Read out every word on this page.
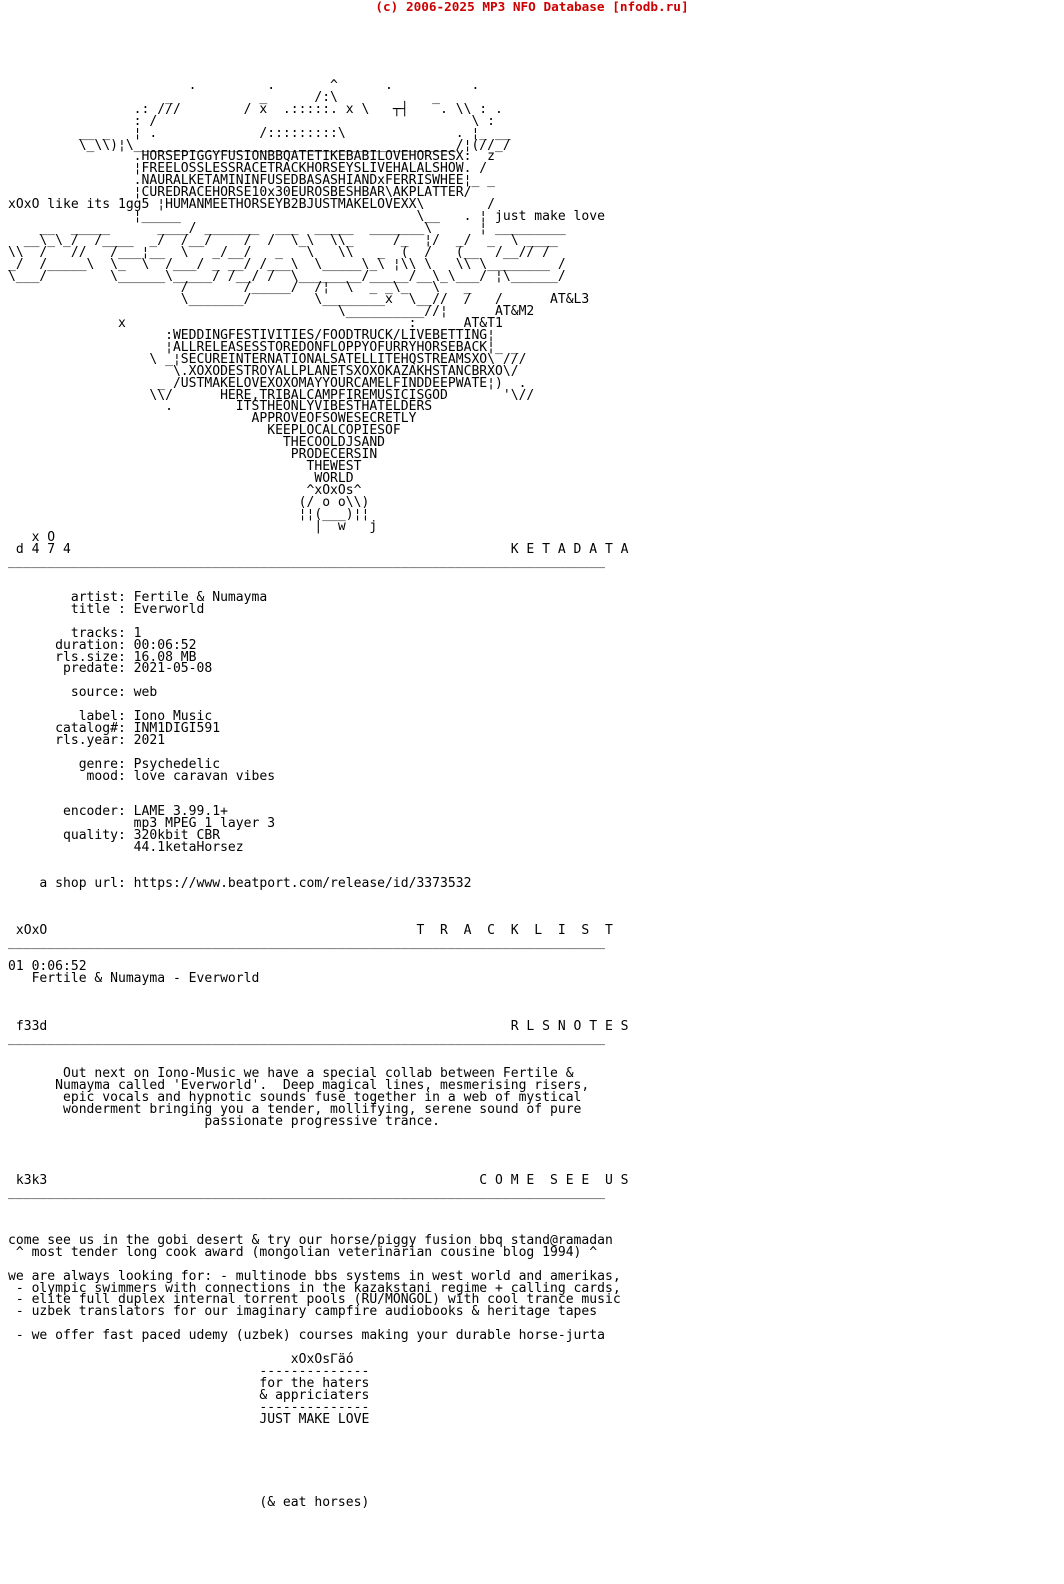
(c) 2006-2025 MP3 NFO Database [nfodb.ru]
.         .       ^      .          .
_           _      /:\            _
.: ///        / x  .:::::. x \   ┬┤    . \\ : .
: /                                        \ :
__ _   ¦ .             /:::::::::\              . ¦_ __
\_\\)¦\_________________________________________/¦(//_/
.HORSEPIGGYFUSIONBBQATETIKEBABILOVEHORSESX:  z
¦FREELOSSLESSRACETRACKHORSEYSLIVEHALALSHOW. /
.NAURALKETAMININFUSEDBASASHIANDxFERRISWHEE¦_ _
¦CUREDRACEHORSE10x30EUROSBESHBAR\AKPLATTER/
xOxO like its 1gg5 ¦HUMANMEETHORSEYB2BJUSTMAKELOVEXX\        /
¦_____                              \__   . ¦ just make love
__  _____      ____/ _______  ___  _____  _______\      ¦ _________
__\_\_/  /____  _/  /__/    /  /  \_\  \\_     /_  ¦/  _/  _  \ ____
\\  /   //   /___¦__  \   _/__/   _   \   \\   _  (  /   (__  /__// /
_/  /_____\  \_  \  /___/ _ __/ /___\  \_____\_\ ¦\\ \   \\ \________ /
\___/        \______\_____/ /__/ /  \________/_____/__\_\___/ ¦\______/
/       /_____/  /¦  \  _ _\_   \   _
\_______/        \________x  \__//  /   /      AT&L3
\__________//¦      AT&M2
x                                    :      AT&T1
:WEDDINGFESTIVITIES/FOODTRUCK/LIVEBETTING¦
¦ALLRELEASESSTOREDONFLOPPYOFURRYHORSEBACK¦_ _
\ _¦SECUREINTERNATIONALSATELLITEHQSTREAMSXO\ ///
\.XOXODESTROYALLPLANETSXOXOKAZAKHSTANCBRXO\/
_ /USTMAKELOVEXOXOMAYYOURCAMELFINDDEEPWATE¦)  .
\\/      HERE,TRIBALCAMPFIREMUSICISGOD       '\//
.        ITSTHEONLYVIBESTHATELDERS
APPROVEOFSOWESECRETLY
KEEPLOCALCOPIESOF
THECOOLDJSAND
PRODECERSIN
THEWEST
WORLD
^xOxOs^
(/ o o\\)
¦¦(___)¦¦
|  w   j
x O
d 4 7 4                                                        K E T A D A T A
____________________________________________________________________________

artist: Fertile & Numayma
title : Everworld

tracks: 1
duration: 00:06:52
rls.size: 16.08 MB
predate: 2021-05-08

source: web

label: Iono Music
catalog#: INM1DIGI591
rls.year: 2021

genre: Psychedelic
mood: love caravan vibes

encoder: LAME 3.99.1+
mp3 MPEG 1 layer 3
quality: 320kbit CBR
44.1ketaHorsez

a shop url: https://www.beatport.com/release/id/3373532

xOxO                                               T  R  A  C  K  L  I  S  T
____________________________________________________________________________

01 0:06:52
Fertile & Numayma - Everworld

f33d                                                           R L S N O T E S
____________________________________________________________________________

Out next on Iono-Music we have a special collab between Fertile &
Numayma called 'Everworld'.  Deep magical lines, mesmerising risers,
epic vocals and hypnotic sounds fuse together in a web of mystical
wonderment bringing you a tender, mollifying, serene sound of pure
passionate progressive trance.

k3k3                                                       C O M E  S E E  U S
____________________________________________________________________________

come see us in the gobi desert & try our horse/piggy fusion bbq stand@ramadan
^ most tender long cook award (mongolian veterinarian cousine blog 1994) ^

we are always looking for: - multinode bbs systems in west world and amerikas,
- olympic swimmers with connections in the kazakstani regime + calling cards,
- elite full duplex internal torrent pools (RU/MONGOL) with cool trance music
- uzbek translators for our imaginary campfire audiobooks & heritage tapes

- we offer fast paced udemy (uzbek) courses making your durable horse-jurta

xOxOsΓäó
--------------
for the haters
& appriciaters
--------------
JUST MAKE LOVE

(& eat horses)
